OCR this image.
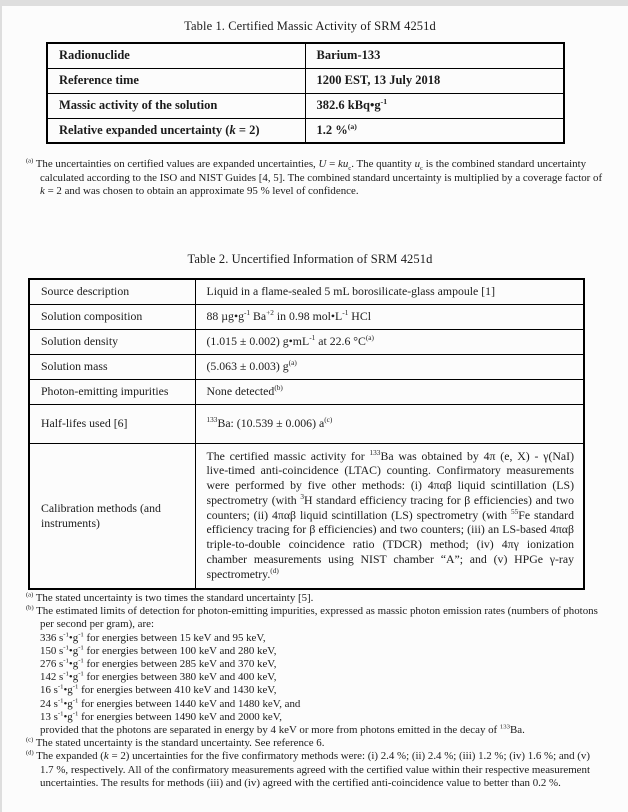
Table 1. Certified Massic Activity of SRM 4251d
Radionuclide	Barium-133
Reference time	1200 EST, 13 July 2018
Massic activity of the solution	382.6 $kBq•g^{-1}$
Relative expanded uncertainty (k = 2)	1.2 %$^{(a)}$
$^{(a)}$ The uncertainties on certified values are expanded uncertainties, $U = ku_c$. The quantity $u_c$ is the combined standard uncertainty calculated according to the ISO and NIST Guides [4, 5]. The combined standard uncertainty is multiplied by a coverage factor of k = 2 and was chosen to obtain an approximate 95 % level of confidence.
Table 2. Uncertified Information of SRM 4251d
Source description	Liquid in a flame-sealed 5 mL borosilicate-glass ampoule [1]
Solution composition	88 $\mu g•g^{-1}$ $Ba^{+2}$ in 0.98 $mol•L^{-1}$ HCl
Solution density	(1.015 ± 0.002) $g•mL^{-1}$ at 22.6 $^\circ C^{(a)}$
Solution mass	(5.063 ± 0.003) $g^{(a)}$
Photon-emitting impurities	None detected$^{(b)}$
Half-lifes used [6]	$^{133}$Ba: (10.539 ± 0.006) $a^{(c)}$
Calibration methods (and instruments)	The certified massic activity for $^{133}$Ba was obtained by 4π (e, X) - γ(NaI) live-timed anti-coincidence (LTAC) counting. Confirmatory measurements were performed by five other methods: (i) 4παβ liquid scintillation (LS) spectrometry (with $^3$H standard efficiency tracing for β efficiencies) and two counters; (ii) 4παβ liquid scintillation (LS) spectrometry (with $^{55}$Fe standard efficiency tracing for β efficiencies) and two counters; (iii) an LS-based 4παβ triple-to-double coincidence ratio (TDCR) method; (iv) 4πγ ionization chamber measurements using NIST chamber “A”; and (v) HPGe γ-ray spectrometry.$^{(d)}$
$^{(a)}$ The stated uncertainty is two times the standard uncertainty [5].
$^{(b)}$ The estimated limits of detection for photon-emitting impurities, expressed as massic photon emission rates (numbers of photons per second per gram), are:
336 $s^{-1}•g^{-1}$ for energies between 15 keV and 95 keV,
150 $s^{-1}•g^{-1}$ for energies between 100 keV and 280 keV,
276 $s^{-1}•g^{-1}$ for energies between 285 keV and 370 keV,
142 $s^{-1}•g^{-1}$ for energies between 380 keV and 400 keV,
16 $s^{-1}•g^{-1}$ for energies between 410 keV and 1430 keV,
24 $s^{-1}•g^{-1}$ for energies between 1440 keV and 1480 keV, and
13 $s^{-1}•g^{-1}$ for energies between 1490 keV and 2000 keV,
provided that the photons are separated in energy by 4 keV or more from photons emitted in the decay of $^{133}$Ba.
$^{(c)}$ The stated uncertainty is the standard uncertainty. See reference 6.
$^{(d)}$ The expanded (k = 2) uncertainties for the five confirmatory methods were: (i) 2.4 %; (ii) 2.4 %; (iii) 1.2 %; (iv) 1.6 %; and (v) 1.7 %, respectively. All of the confirmatory measurements agreed with the certified value within their respective measurement uncertainties. The results for methods (iii) and (iv) agreed with the certified anti-coincidence value to better than 0.2 %.
